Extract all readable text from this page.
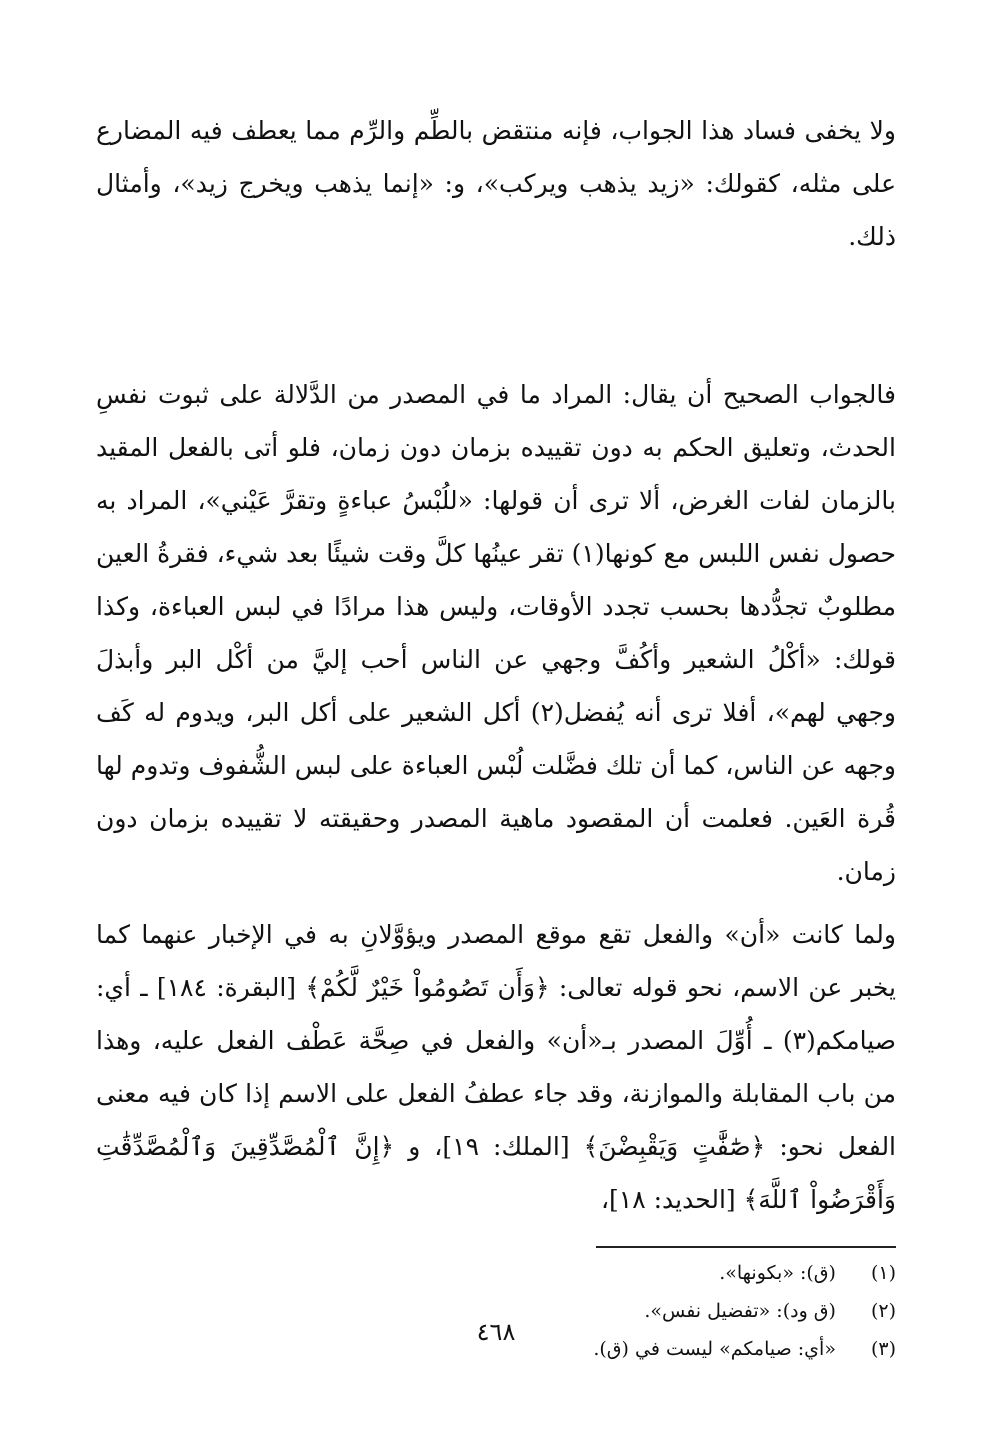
ولا يخفى فساد هذا الجواب، فإنه منتقض بالطِّم والرِّم مما يعطف فيه المضارع على مثله، كقولك: «زيد يذهب ويركب»، و: «إنما يذهب ويخرج زيد»، وأمثال ذلك.

فالجواب الصحيح أن يقال: المراد ما في المصدر من الدَّلالة على ثبوت نفسِ الحدث، وتعليق الحكم به دون تقييده بزمان دون زمان، فلو أتى بالفعل المقيد بالزمان لفات الغرض، ألا ترى أن قولها: «للُبْسُ عباءةٍ وتقرَّ عَيْني»، المراد به حصول نفس اللبس مع كونها(١) تقر عينُها كلَّ وقت شيئًا بعد شيء، فقرةُ العين مطلوبٌ تجدُّدها بحسب تجدد الأوقات، وليس هذا مرادًا في لبس العباءة، وكذا قولك: «أكْلُ الشعير وأكُفَّ وجهي عن الناس أحب إليَّ من أكْل البر وأبذلَ وجهي لهم»، أفلا ترى أنه يُفضل(٢) أكل الشعير على أكل البر، ويدوم له كَف وجهه عن الناس، كما أن تلك فضَّلت لُبْس العباءة على لبس الشُّفوف وتدوم لها قُرة العَين. فعلمت أن المقصود ماهية المصدر وحقيقته لا تقييده بزمان دون زمان.

ولما كانت «أن» والفعل تقع موقع المصدر ويؤوَّلانِ به في الإخبار عنهما كما يخبر عن الاسم، نحو قوله تعالى: ﴿وَأَن تَصُومُواْ خَيْرٌ لَّكُمْ﴾ [البقرة: ١٨٤] ـ أي: صيامكم(٣) ـ أُوِّلَ المصدر بـ«أن» والفعل في صِحَّة عَطْف الفعل عليه، وهذا من باب المقابلة والموازنة، وقد جاء عطفُ الفعل على الاسم إذا كان فيه معنى الفعل نحو: ﴿صَٰٓفَّٰتٍ وَيَقْبِضْنَ﴾ [الملك: ١٩]، و ﴿إِنَّ ٱلْمُصَّدِّقِينَ وَٱلْمُصَّدِّقَٰتِ وَأَقْرَضُواْ ٱللَّهَ﴾ [الحديد: ١٨]،

(١) (ق): «بكونها».
(٢) (ق ود): «تفضيل نفس».
(٣) «أي: صيامكم» ليست في (ق).
٤٦٨
